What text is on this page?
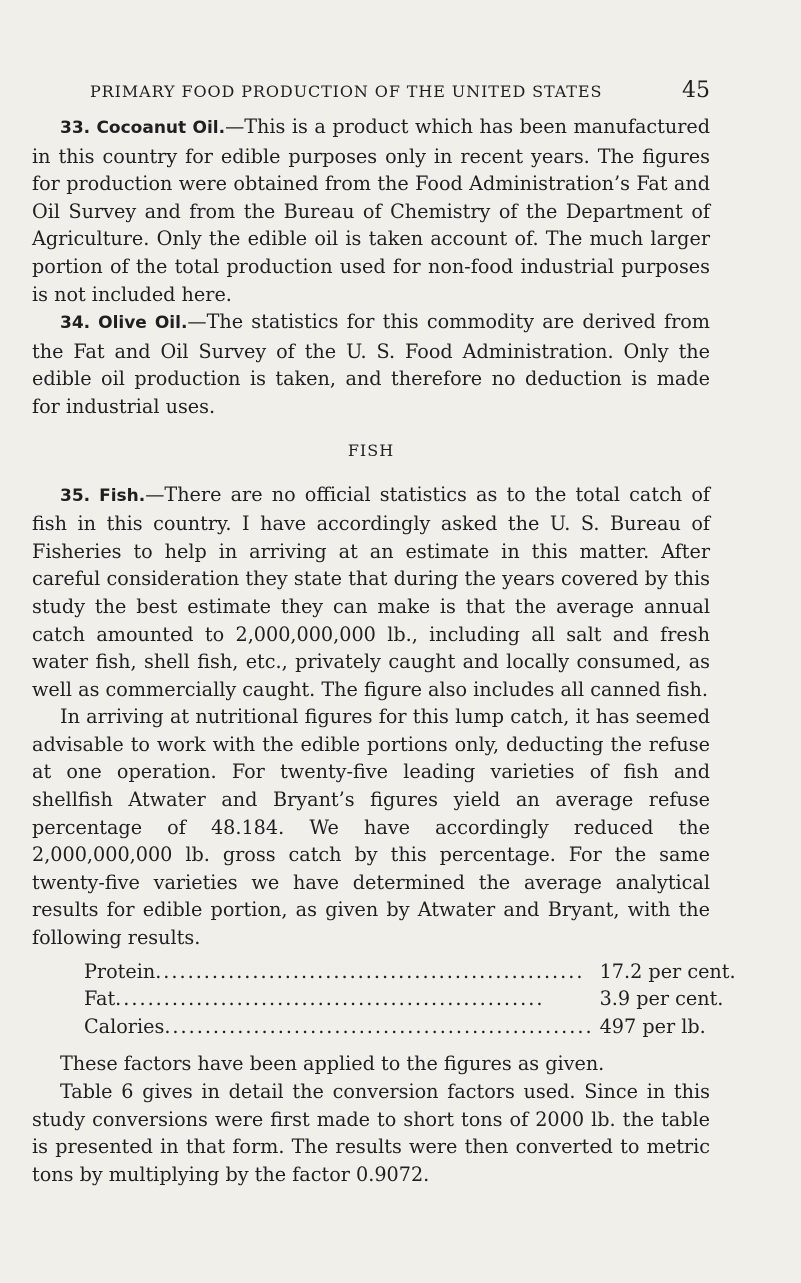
PRIMARY FOOD PRODUCTION OF THE UNITED STATES	45

33. Cocoanut Oil.—This is a product which has been manufactured in this country for edible purposes only in recent years. The figures for production were obtained from the Food Administration’s Fat and Oil Survey and from the Bureau of Chemistry of the Department of Agriculture. Only the edible oil is taken account of. The much larger portion of the total production used for non-food industrial purposes is not included here.

34. Olive Oil.—The statistics for this commodity are derived from the Fat and Oil Survey of the U. S. Food Administration. Only the edible oil production is taken, and therefore no deduction is made for industrial uses.

FISH

35. Fish.—There are no official statistics as to the total catch of fish in this country. I have accordingly asked the U. S. Bureau of Fisheries to help in arriving at an estimate in this matter. After careful consideration they state that during the years covered by this study the best estimate they can make is that the average annual catch amounted to 2,000,000,000 lb., including all salt and fresh water fish, shell fish, etc., privately caught and locally consumed, as well as commercially caught. The figure also includes all canned fish.

In arriving at nutritional figures for this lump catch, it has seemed advisable to work with the edible portions only, deducting the refuse at one operation. For twenty-five leading varieties of fish and shellfish Atwater and Bryant’s figures yield an average refuse percentage of 48.184. We have accordingly reduced the 2,000,000,000 lb. gross catch by this percentage. For the same twenty-five varieties we have determined the average analytical results for edible portion, as given by Atwater and Bryant, with the following results.

Protein.....................................................	17.2 per cent.
Fat.....................................................	3.9 per cent.
Calories.....................................................	497 per lb.

These factors have been applied to the figures as given.

Table 6 gives in detail the conversion factors used. Since in this study conversions were first made to short tons of 2000 lb. the table is presented in that form. The results were then converted to metric tons by multiplying by the factor 0.9072.
